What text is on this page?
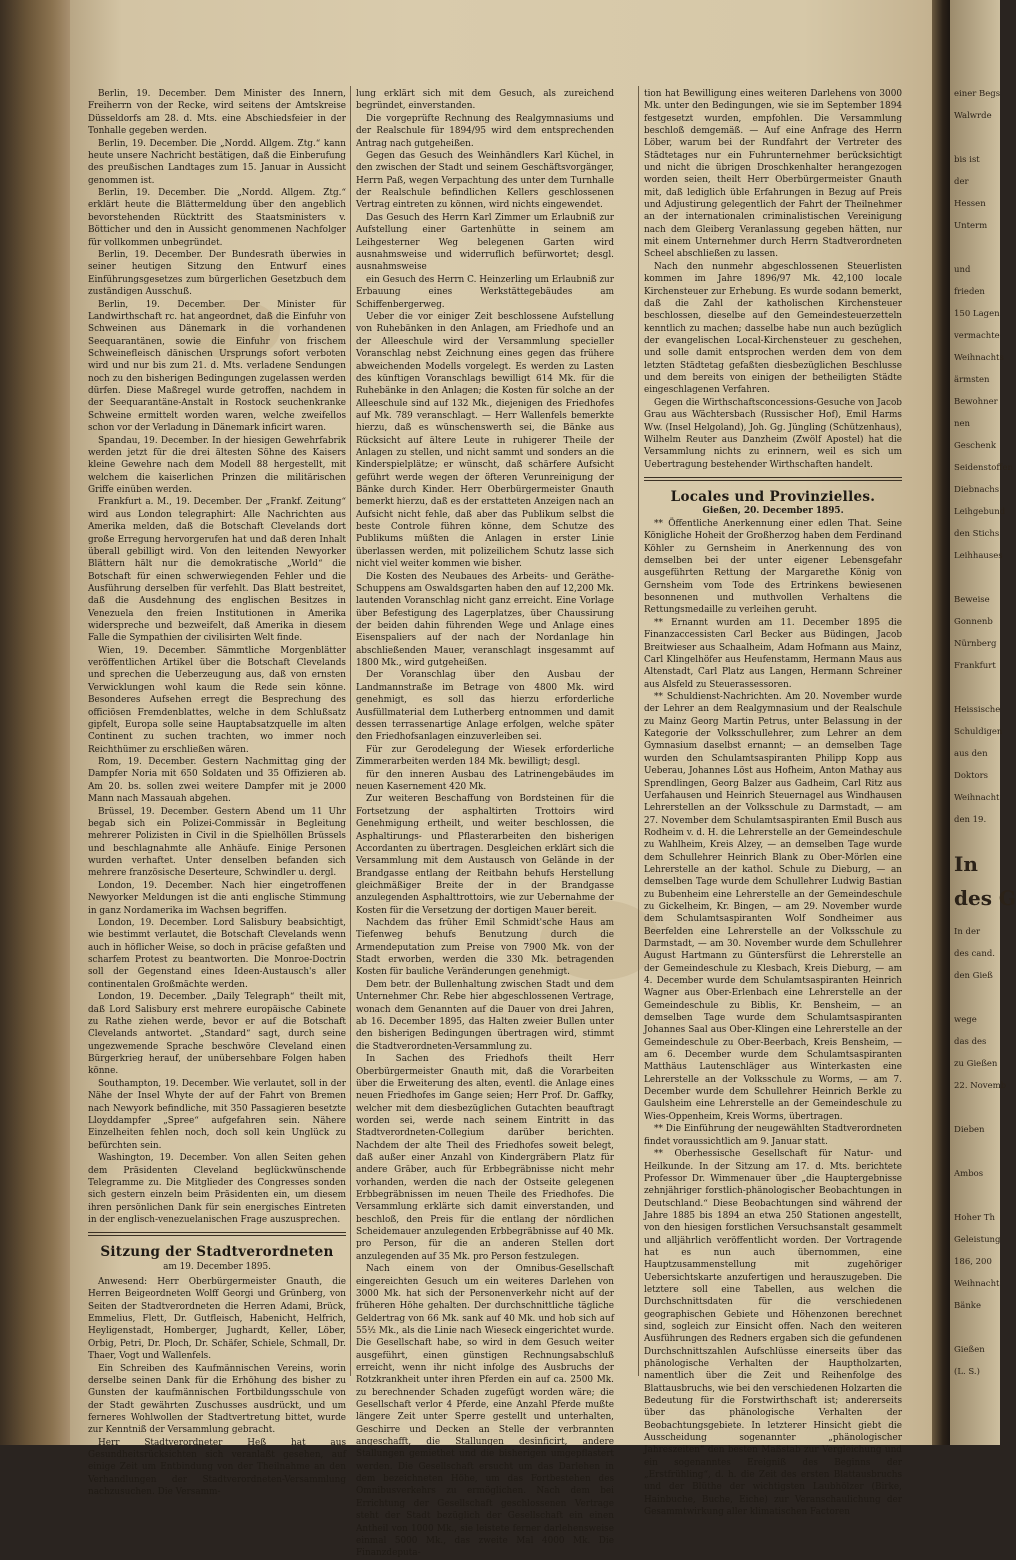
Berlin, 19. December. Dem Minister des Innern, Freiherrn von der Recke, wird seitens der Amtskreise Düsseldorfs am 28. d. Mts. eine Abschiedsfeier in der Tonhalle gegeben werden.

Berlin, 19. December. Die „Nordd. Allgem. Ztg.“ kann heute unsere Nachricht bestätigen, daß die Einberufung des preußischen Landtages zum 15. Januar in Aussicht genommen ist.

Berlin, 19. December. Die „Nordd. Allgem. Ztg.“ erklärt heute die Blättermeldung über den angeblich bevorstehenden Rücktritt des Staatsministers v. Bötticher und den in Aussicht genommenen Nachfolger für vollkommen unbegründet.

Berlin, 19. December. Der Bundesrath überwies in seiner heutigen Sitzung den Entwurf eines Einführungsgesetzes zum bürgerlichen Gesetzbuch dem zuständigen Ausschuß.

Berlin, 19. December. Der Minister für Landwirthschaft rc. hat angeordnet, daß die Einfuhr von Schweinen aus Dänemark in die vorhandenen Seequarantänen, sowie die Einfuhr von frischem Schweinefleisch dänischen Ursprungs sofort verboten wird und nur bis zum 21. d. Mts. verladene Sendungen noch zu den bisherigen Bedingungen zugelassen werden dürfen. Diese Maßregel wurde getroffen, nachdem in der Seequarantäne-Anstalt in Rostock seuchenkranke Schweine ermittelt worden waren, welche zweifellos schon vor der Verladung in Dänemark inficirt waren.

Spandau, 19. December. In der hiesigen Gewehrfabrik werden jetzt für die drei ältesten Söhne des Kaisers kleine Gewehre nach dem Modell 88 hergestellt, mit welchem die kaiserlichen Prinzen die militärischen Griffe einüben werden.

Frankfurt a. M., 19. December. Der „Frankf. Zeitung“ wird aus London telegraphirt: Alle Nachrichten aus Amerika melden, daß die Botschaft Clevelands dort große Erregung hervorgerufen hat und daß deren Inhalt überall gebilligt wird. Von den leitenden Newyorker Blättern hält nur die demokratische „World“ die Botschaft für einen schwerwiegenden Fehler und die Ausführung derselben für verfehlt. Das Blatt bestreitet, daß die Ausdehnung des englischen Besitzes in Venezuela den freien Institutionen in Amerika widerspreche und bezweifelt, daß Amerika in diesem Falle die Sympathien der civilisirten Welt finde.

Wien, 19. December. Sämmtliche Morgenblätter veröffentlichen Artikel über die Botschaft Clevelands und sprechen die Ueberzeugung aus, daß von ernsten Verwicklungen wohl kaum die Rede sein könne. Besonderes Aufsehen erregt die Besprechung des officiösen Fremdenblattes, welche in dem Schlußsatz gipfelt, Europa solle seine Hauptabsatzquelle im alten Continent zu suchen trachten, wo immer noch Reichthümer zu erschließen wären.

Rom, 19. December. Gestern Nachmittag ging der Dampfer Noria mit 650 Soldaten und 35 Offizieren ab. Am 20. bs. sollen zwei weitere Dampfer mit je 2000 Mann nach Massauah abgehen.

Brüssel, 19. December. Gestern Abend um 11 Uhr begab sich ein Polizei-Commissär in Begleitung mehrerer Polizisten in Civil in die Spielhöllen Brüssels und beschlagnahmte alle Anhäufe. Einige Personen wurden verhaftet. Unter denselben befanden sich mehrere französische Deserteure, Schwindler u. dergl.

London, 19. December. Nach hier eingetroffenen Newyorker Meldungen ist die anti englische Stimmung in ganz Nordamerika im Wachsen begriffen.

London, 19. December. Lord Salisbury beabsichtigt, wie bestimmt verlautet, die Botschaft Clevelands wenn auch in höflicher Weise, so doch in präcise gefaßten und scharfem Protest zu beantworten. Die Monroe-Doctrin soll der Gegenstand eines Ideen-Austausch's aller continentalen Großmächte werden.

London, 19. December. „Daily Telegraph“ theilt mit, daß Lord Salisbury erst mehrere europäische Cabinete zu Rathe ziehen werde, bevor er auf die Botschaft Clevelands antwortet. „Standard“ sagt, durch seine ungezwemende Sprache beschwöre Cleveland einen Bürgerkrieg herauf, der unübersehbare Folgen haben könne.

Southampton, 19. December. Wie verlautet, soll in der Nähe der Insel Whyte der auf der Fahrt von Bremen nach Newyork befindliche, mit 350 Passagieren besetzte Lloyddampfer „Spree“ aufgefahren sein. Nähere Einzelheiten fehlen noch, doch soll kein Unglück zu befürchten sein.

Washington, 19. December. Von allen Seiten gehen dem Präsidenten Cleveland beglückwünschende Telegramme zu. Die Mitglieder des Congresses sonden sich gestern einzeln beim Präsidenten ein, um diesem ihren persönlichen Dank für sein energisches Eintreten in der englisch-venezuelanischen Frage auszusprechen.

Sitzung der Stadtverordneten

am 19. December 1895.

Anwesend: Herr Oberbürgermeister Gnauth, die Herren Beigeordneten Wolff Georgi und Grünberg, von Seiten der Stadtverordneten die Herren Adami, Brück, Emmelius, Flett, Dr. Gutfleisch, Habenicht, Helfrich, Heyligenstadt, Homberger, Jughardt, Keller, Löber, Orbig, Petri, Dr. Ploch, Dr. Schäfer, Schiele, Schmall, Dr. Thaer, Vogt und Wallenfels.

Ein Schreiben des Kaufmännischen Vereins, worin derselbe seinen Dank für die Erhöhung des bisher zu Gunsten der kaufmännischen Fortbildungsschule von der Stadt gewährten Zuschusses ausdrückt, und um ferneres Wohlwollen der Stadtvertretung bittet, wurde zur Kenntniß der Versammlung gebracht.

Herr Stadtverordneter Heß hat aus Gesundheitsrücksichten sich veranlaßt gesehen, auf einige Zeit um Entbindung von der Theilnahme an den Verhandlungen der Stadtverordneten-Versammlung nachzusuchen. Die Versamm-

lung erklärt sich mit dem Gesuch, als zureichend begründet, einverstanden.

Die vorgeprüfte Rechnung des Realgymnasiums und der Realschule für 1894/95 wird dem entsprechenden Antrag nach gutgeheißen.

Gegen das Gesuch des Weinhändlers Karl Küchel, in den zwischen der Stadt und seinem Geschäftsvorgänger, Herrn Paß, wegen Verpachtung des unter dem Turnhalle der Realschule befindlichen Kellers geschlossenen Vertrag eintreten zu können, wird nichts eingewendet.

Das Gesuch des Herrn Karl Zimmer um Erlaubniß zur Aufstellung einer Gartenhütte in seinem am Leihgesterner Weg belegenen Garten wird ausnahmsweise und widerruflich befürwortet; desgl. ausnahmsweise

ein Gesuch des Herrn C. Heinzerling um Erlaubniß zur Erbauung eines Werkstättegebäudes am Schiffenbergerweg.

Ueber die vor einiger Zeit beschlossene Aufstellung von Ruhebänken in den Anlagen, am Friedhofe und an der Alleeschule wird der Versammlung specieller Voranschlag nebst Zeichnung eines gegen das frühere abweichenden Modells vorgelegt. Es werden zu Lasten des künftigen Voranschlags bewilligt 614 Mk. für die Ruhebänke in den Anlagen; die Kosten für solche an der Alleeschule sind auf 132 Mk., diejenigen des Friedhofes auf Mk. 789 veranschlagt. — Herr Wallenfels bemerkte hierzu, daß es wünschenswerth sei, die Bänke aus Rücksicht auf ältere Leute in ruhigerer Theile der Anlagen zu stellen, und nicht sammt und sonders an die Kinderspielplätze; er wünscht, daß schärfere Aufsicht geführt werde wegen der öfteren Verunreinigung der Bänke durch Kinder. Herr Oberbürgermeister Gnauth bemerkt hierzu, daß es der erstatteten Anzeigen nach an Aufsicht nicht fehle, daß aber das Publikum selbst die beste Controle führen könne, dem Schutze des Publikums müßten die Anlagen in erster Linie überlassen werden, mit polizeilichem Schutz lasse sich nicht viel weiter kommen wie bisher.

Die Kosten des Neubaues des Arbeits- und Geräthe-Schuppens am Oswaldsgarten haben den auf 12,200 Mk. lautenden Voranschlag nicht ganz erreicht. Eine Vorlage über Befestigung des Lagerplatzes, über Chaussirung der beiden dahin führenden Wege und Anlage eines Eisenspaliers auf der nach der Nordanlage hin abschließenden Mauer, veranschlagt insgesammt auf 1800 Mk., wird gutgeheißen.

Der Voranschlag über den Ausbau der Landmannstraße im Betrage von 4800 Mk. wird genehmigt, es soll das hierzu erforderliche Ausfüllmaterial dem Lutherberg entnommen und damit dessen terrassenartige Anlage erfolgen, welche später den Friedhofsanlagen einzuverleiben sei.

Für zur Gerodelegung der Wiesek erforderliche Zimmerarbeiten werden 184 Mk. bewilligt; desgl.

für den inneren Ausbau des Latrinengebäudes im neuen Kasernement 420 Mk.

Zur weiteren Beschaffung von Bordsteinen für die Fortsetzung der asphaltirten Trottoirs wird Genehmigung ertheilt, und weiter beschlossen, die Asphaltirungs- und Pflasterarbeiten den bisherigen Accordanten zu übertragen. Desgleichen erklärt sich die Versammlung mit dem Austausch von Gelände in der Brandgasse entlang der Reitbahn behufs Herstellung gleichmäßiger Breite der in der Brandgasse anzulegenden Asphalttrottoirs, wie zur Uebernahme der Kosten für die Versetzung der dortigen Mauer bereit.

Nachdem das früher Emil Schmidt'sche Haus am Tiefenweg behufs Benutzung durch die Armendeputation zum Preise von 7900 Mk. von der Stadt erworben, werden die 330 Mk. betragenden Kosten für bauliche Veränderungen genehmigt.

Dem betr. der Bullenhaltung zwischen Stadt und dem Unternehmer Chr. Rebe hier abgeschlossenen Vertrage, wonach dem Genannten auf die Dauer von drei Jahren, ab 16. December 1895, das Halten zweier Bullen unter den bisherigen Bedingungen übertragen wird, stimmt die Stadtverordneten-Versammlung zu.

In Sachen des Friedhofs theilt Herr Oberbürgermeister Gnauth mit, daß die Vorarbeiten über die Erweiterung des alten, eventl. die Anlage eines neuen Friedhofes im Gange seien; Herr Prof. Dr. Gaffky, welcher mit dem diesbezüglichen Gutachten beauftragt worden sei, werde nach seinem Eintritt in das Stadtverordneten-Collegium darüber berichten. Nachdem der alte Theil des Friedhofes soweit belegt, daß außer einer Anzahl von Kindergräbern Platz für andere Gräber, auch für Erbbegräbnisse nicht mehr vorhanden, werden die nach der Ostseite gelegenen Erbbegräbnissen im neuen Theile des Friedhofes. Die Versammlung erklärte sich damit einverstanden, und beschloß, den Preis für die entlang der nördlichen Scheidemauer anzulegenden Erbbegräbnisse auf 40 Mk. pro Person, für die an anderen Stellen dort anzulegenden auf 35 Mk. pro Person festzulegen.

Nach einem von der Omnibus-Gesellschaft eingereichten Gesuch um ein weiteres Darlehen von 3000 Mk. hat sich der Personenverkehr nicht auf der früheren Höhe gehalten. Der durchschnittliche tägliche Geldertrag von 66 Mk. sank auf 40 Mk. und hob sich auf 55½ Mk., als die Linie nach Wieseck eingerichtet wurde. Die Gesellschaft habe, so wird in dem Gesuch weiter ausgeführt, einen günstigen Rechnungsabschluß erreicht, wenn ihr nicht infolge des Ausbruchs der Rotzkrankheit unter ihren Pferden ein auf ca. 2500 Mk. zu berechnender Schaden zugefügt worden wäre; die Gesellschaft verlor 4 Pferde, eine Anzahl Pferde mußte längere Zeit unter Sperre gestellt und unterhalten, Geschirre und Decken an Stelle der verbrannten angeschafft, die Stallungen desinficirt, andere Stallungen gemiethet und die bisherigen umgepflastert werden. Die Gesellschaft ersucht um das Darlehen in dem bezeichneten Höhe, um das Fortbestehen des Omnibusverkehrs zu ermöglichen. Nach dem bei Errichtung der Gesellschaft geschlossenen Vertrage steht der Stadt bezüglich der Gesellschaft ein einen Antheil von 1000 Mk., sie leistete ferner darlehensweise einmal 5000 Mk., das zweite Mal 4000 Mk. Die Finanzdeputa-

tion hat Bewilligung eines weiteren Darlehens von 3000 Mk. unter den Bedingungen, wie sie im September 1894 festgesetzt wurden, empfohlen. Die Versammlung beschloß demgemäß. — Auf eine Anfrage des Herrn Löber, warum bei der Rundfahrt der Vertreter des Städtetages nur ein Fuhrunternehmer berücksichtigt und nicht die übrigen Droschkenhalter herangezogen worden seien, theilt Herr Oberbürgermeister Gnauth mit, daß lediglich üble Erfahrungen in Bezug auf Preis und Adjustirung gelegentlich der Fahrt der Theilnehmer an der internationalen criminalistischen Vereinigung nach dem Gleiberg Veranlassung gegeben hätten, nur mit einem Unternehmer durch Herrn Stadtverordneten Scheel abschließen zu lassen.

Nach den nunmehr abgeschlossenen Steuerlisten kommen im Jahre 1896/97 Mk. 42,100 locale Kirchensteuer zur Erhebung. Es wurde sodann bemerkt, daß die Zahl der katholischen Kirchensteuer beschlossen, dieselbe auf den Gemeindesteuerzetteln kenntlich zu machen; dasselbe habe nun auch bezüglich der evangelischen Local-Kirchensteuer zu geschehen, und solle damit entsprochen werden dem von dem letzten Städtetag gefaßten diesbezüglichen Beschlusse und dem bereits von einigen der betheiligten Städte eingeschlagenen Verfahren.

Gegen die Wirthschaftsconcessions-Gesuche von Jacob Grau aus Wächtersbach (Russischer Hof), Emil Harms Ww. (Insel Helgoland), Joh. Gg. Jüngling (Schützenhaus), Wilhelm Reuter aus Danzheim (Zwölf Apostel) hat die Versammlung nichts zu erinnern, weil es sich um Uebertragung bestehender Wirthschaften handelt.

Locales und Provinzielles.

Gießen, 20. December 1895.

** Öffentliche Anerkennung einer edlen That. Seine Königliche Hoheit der Großherzog haben dem Ferdinand Köhler zu Gernsheim in Anerkennung des von demselben bei der unter eigener Lebensgefahr ausgeführten Rettung der Margarethe König von Gernsheim vom Tode des Ertrinkens bewiesenen besonnenen und muthvollen Verhaltens die Rettungsmedaille zu verleihen geruht.

** Ernannt wurden am 11. December 1895 die Finanzaccessisten Carl Becker aus Büdingen, Jacob Breitwieser aus Schaalheim, Adam Hofmann aus Mainz, Carl Klingelhöfer aus Heufenstamm, Hermann Maus aus Altenstadt, Carl Platz aus Langen, Hermann Schreiner aus Alsfeld zu Steuerassessoren.

** Schuldienst-Nachrichten. Am 20. November wurde der Lehrer an dem Realgymnasium und der Realschule zu Mainz Georg Martin Petrus, unter Belassung in der Kategorie der Volksschullehrer, zum Lehrer an dem Gymnasium daselbst ernannt; — an demselben Tage wurden den Schulamtsaspiranten Philipp Kopp aus Ueberau, Johannes Löst aus Hofheim, Anton Mathay aus Sprendlingen, Georg Balzer aus Gadheim, Carl Ritz aus Uerfahausen und Heinrich Steuernagel aus Windhausen Lehrerstellen an der Volksschule zu Darmstadt, — am 27. November dem Schulamtsaspiranten Emil Busch aus Rodheim v. d. H. die Lehrerstelle an der Gemeindeschule zu Wahlheim, Kreis Alzey, — an demselben Tage wurde dem Schullehrer Heinrich Blank zu Ober-Mörlen eine Lehrerstelle an der kathol. Schule zu Dieburg, — an demselben Tage wurde dem Schullehrer Ludwig Bastian zu Bubenheim eine Lehrerstelle an der Gemeindeschule zu Gickelheim, Kr. Bingen, — am 29. November wurde dem Schulamtsaspiranten Wolf Sondheimer aus Beerfelden eine Lehrerstelle an der Volksschule zu Darmstadt, — am 30. November wurde dem Schullehrer August Hartmann zu Güntersfürst die Lehrerstelle an der Gemeindeschule zu Klesbach, Kreis Dieburg, — am 4. December wurde dem Schulamtsaspiranten Heinrich Wagner aus Ober-Erlenbach eine Lehrerstelle an der Gemeindeschule zu Biblis, Kr. Bensheim, — an demselben Tage wurde dem Schulamtsaspiranten Johannes Saal aus Ober-Klingen eine Lehrerstelle an der Gemeindeschule zu Ober-Beerbach, Kreis Bensheim, — am 6. December wurde dem Schulamtsaspiranten Matthäus Lautenschläger aus Winterkasten eine Lehrerstelle an der Volksschule zu Worms, — am 7. December wurde dem Schullehrer Heinrich Berkle zu Gaulsheim eine Lehrerstelle an der Gemeindeschule zu Wies-Oppenheim, Kreis Worms, übertragen.

** Die Einführung der neugewählten Stadtverordneten findet voraussichtlich am 9. Januar statt.

** Oberhessische Gesellschaft für Natur- und Heilkunde. In der Sitzung am 17. d. Mts. berichtete Professor Dr. Wimmenauer über „die Hauptergebnisse zehnjähriger forstlich-phänologischer Beobachtungen in Deutschland.“ Diese Beobachtungen sind während der Jahre 1885 bis 1894 an etwa 250 Stationen angestellt, von den hiesigen forstlichen Versuchsanstalt gesammelt und alljährlich veröffentlicht worden. Der Vortragende hat es nun auch übernommen, eine Hauptzusammenstellung mit zugehöriger Uebersichtskarte anzufertigen und herauszugeben. Die letztere soll eine Tabellen, aus welchen die Durchschnittsdaten für die verschiedenen geographischen Gebiete und Höhenzonen berechnet sind, sogleich zur Einsicht offen. Nach den weiteren Ausführungen des Redners ergaben sich die gefundenen Durchschnittszahlen Aufschlüsse einerseits über das phänologische Verhalten der Hauptholzarten, namentlich über die Zeit und Reihenfolge des Blattausbruchs, wie bei den verschiedenen Holzarten die Bedeutung für die Forstwirthschaft ist; andererseits über das phänologische Verhalten der Beobachtungsgebiete. In letzterer Hinsicht giebt die Ausscheidung sogenannter „phänologischer Jahreszeiten“ den besten Maßstab zur Vergleichung und ein sogenanntes Ereigniß des Beginns der „Erstfrühling“, d. h. die Zeit des ersten Blattausbruchs und der Blüthe der wichtigsten Laubhölzer (Birke, Hainbuche, Buche, Eiche) zur Veranschaulichung der Gesammtwirkung aller klimatischen Factoren

einer Begs
Walwrde
bis ist
der
Hessen
Unterm
und
frieden
150 Lagen
vermachte
Weihnachts
ärmsten
Bewohner
nen
Geschenk
Seidenstoffen
Diebnachs
Leihgebund
den Stichs
Leihhauses
Beweise
Gonnenb
Nürnberg
Frankfurt
Heissische
Schuldigen
aus den
Doktors
Weihnacht
den 19.
In
des G
In der
des cand.
den Gieß
wege
das des
zu Gießen
22. Novemb
Dieben
Ambos
Hoher Th
Geleistung
186, 200
Weihnacht
Bänke
Gießen
(L. S.)
